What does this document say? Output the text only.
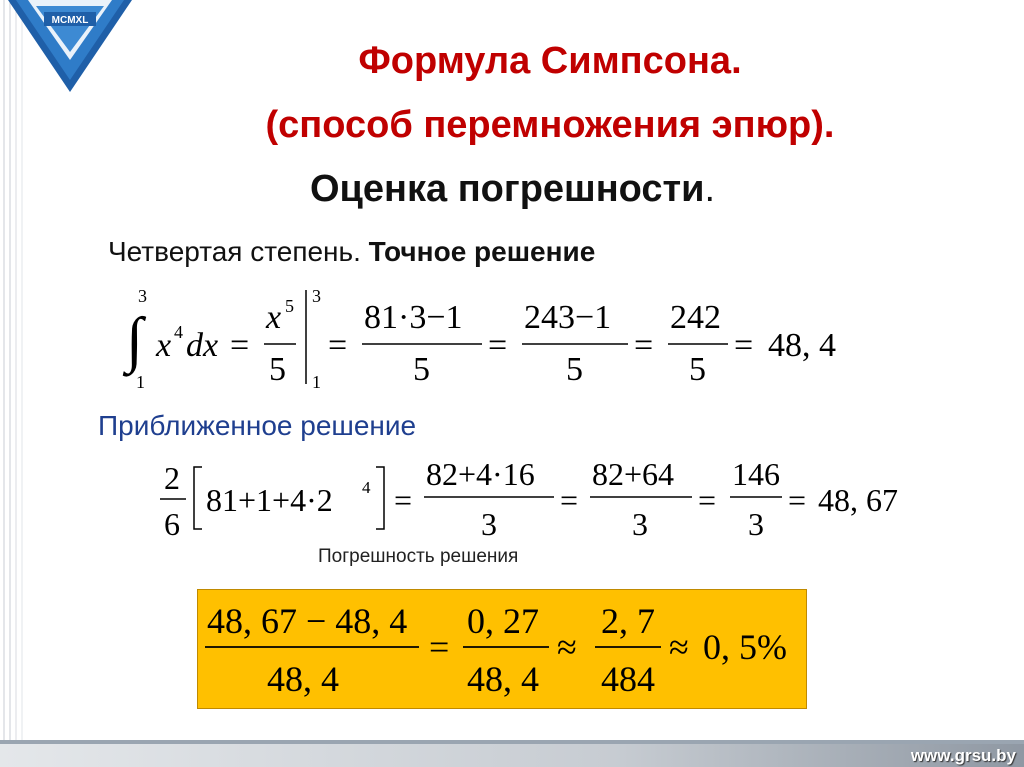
MCMXL
Формула Симпсона.
(способ перемножения эпюр).
Оценка погрешности.
Четвертая степень. Точное решение
3
∫
1
x 4 dx =
x 5
5
3
1
=
81·3−1
5
=
243−1
5
=
242
5
= 48, 4
Приближенное решение
2
6
81+1+4·2 4 =
82+4·16
3
=
82+64
3
=
146
3
= 48, 67
Погрешность решения
48, 67 − 48, 4
48, 4
=
0, 27
48, 4
≈
2, 7
484
≈ 0, 5%
www.grsu.by
